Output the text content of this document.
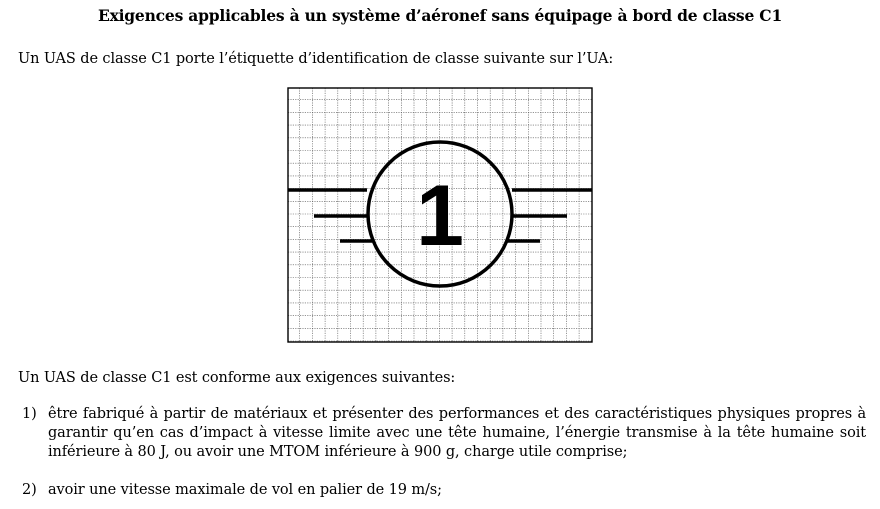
Exigences applicables à un système d’aéronef sans équipage à bord de classe C1
Un UAS de classe C1 porte l’étiquette d’identification de classe suivante sur l’UA:
1
Un UAS de classe C1 est conforme aux exigences suivantes:
1) être fabriqué à partir de matériaux et présenter des performances et des caractéristiques physiques propres à garantir qu’en cas d’impact à vitesse limite avec une tête humaine, l’énergie transmise à la tête humaine soit inférieure à 80 J, ou avoir une MTOM inférieure à 900 g, charge utile comprise;
2) avoir une vitesse maximale de vol en palier de 19 m/s;
